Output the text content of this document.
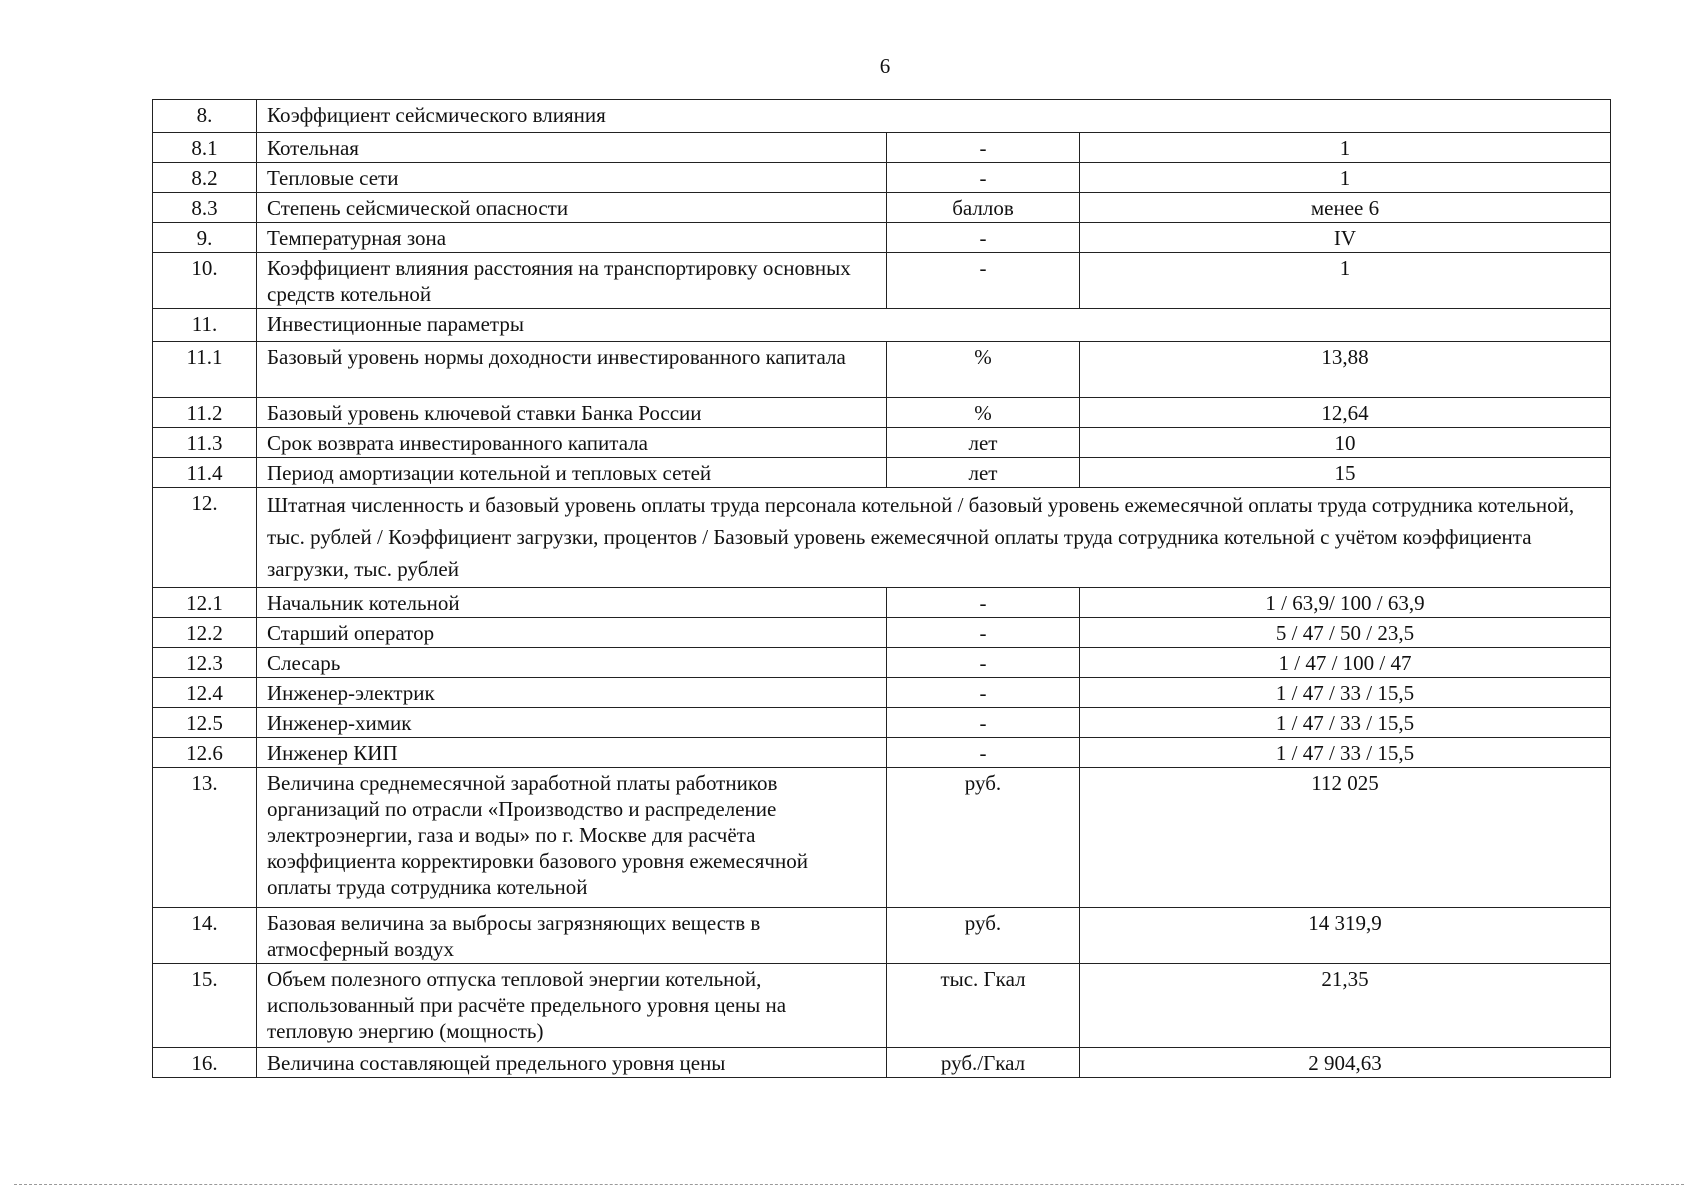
6
8.	Коэффициент сейсмического влияния		
8.1	Котельная	-	1
8.2	Тепловые сети	-	1
8.3	Степень сейсмической опасности	баллов	менее 6
9.	Температурная зона	-	IV
10.	Коэффициент влияния расстояния на транспортировку основных средств котельной	-	1
11.	Инвестиционные параметры		
11.1	Базовый уровень нормы доходности инвестированного капитала	%	13,88
11.2	Базовый уровень ключевой ставки Банка России	%	12,64
11.3	Срок возврата инвестированного капитала	лет	10
11.4	Период амортизации котельной и тепловых сетей	лет	15
12.	Штатная численность и базовый уровень оплаты труда персонала котельной / базовый уровень ежемесячной оплаты труда сотрудника котельной, тыс. рублей / Коэффициент загрузки, процентов / Базовый уровень ежемесячной оплаты труда сотрудника котельной с учётом коэффициента загрузки, тыс. рублей		
12.1	Начальник котельной	-	1 / 63,9/ 100 / 63,9
12.2	Старший оператор	-	5 / 47 / 50 / 23,5
12.3	Слесарь	-	1 / 47 / 100 / 47
12.4	Инженер-электрик	-	1 / 47 / 33 / 15,5
12.5	Инженер-химик	-	1 / 47 / 33 / 15,5
12.6	Инженер КИП	-	1 / 47 / 33 / 15,5
13.	Величина среднемесячной заработной платы работников организаций по отрасли «Производство и распределение электроэнергии, газа и воды» по г. Москве для расчёта коэффициента корректировки базового уровня ежемесячной оплаты труда сотрудника котельной	руб.	112 025
14.	Базовая величина за выбросы загрязняющих веществ в атмосферный воздух	руб.	14 319,9
15.	Объем полезного отпуска тепловой энергии котельной, использованный при расчёте предельного уровня цены на тепловую энергию (мощность)	тыс. Гкал	21,35
16.	Величина составляющей предельного уровня цены	руб./Гкал	2 904,63
